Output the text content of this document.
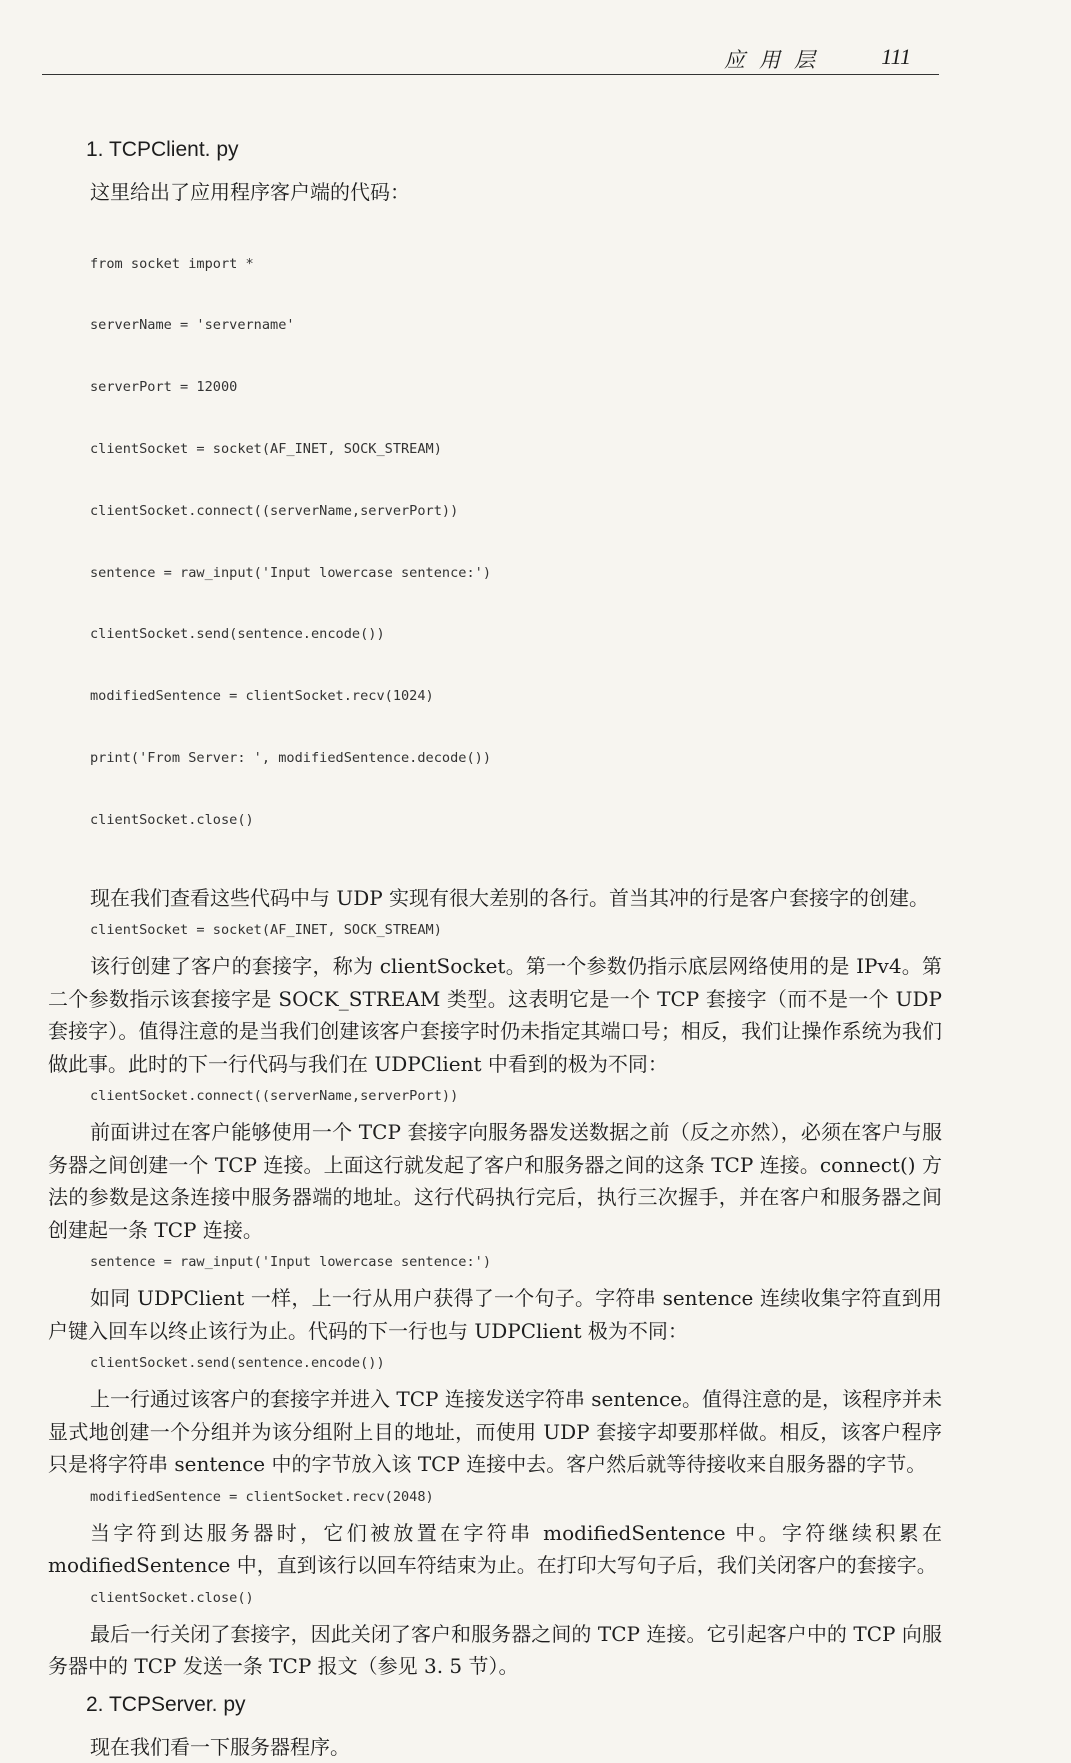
应用层 111
1. TCPClient. py

这里给出了应用程序客户端的代码：

from socket import *

serverName = 'servername'

serverPort = 12000

clientSocket = socket(AF_INET, SOCK_STREAM)

clientSocket.connect((serverName,serverPort))

sentence = raw_input('Input lowercase sentence:')

clientSocket.send(sentence.encode())

modifiedSentence = clientSocket.recv(1024)

print('From Server: ', modifiedSentence.decode())

clientSocket.close()

现在我们查看这些代码中与 UDP 实现有很大差别的各行。首当其冲的行是客户套接字的创建。

clientSocket = socket(AF_INET, SOCK_STREAM)

该行创建了客户的套接字，称为 clientSocket。第一个参数仍指示底层网络使用的是 IPv4。第二个参数指示该套接字是 SOCK_STREAM 类型。这表明它是一个 TCP 套接字（而不是一个 UDP 套接字）。值得注意的是当我们创建该客户套接字时仍未指定其端口号；相反，我们让操作系统为我们做此事。此时的下一行代码与我们在 UDPClient 中看到的极为不同：

clientSocket.connect((serverName,serverPort))

前面讲过在客户能够使用一个 TCP 套接字向服务器发送数据之前（反之亦然），必须在客户与服务器之间创建一个 TCP 连接。上面这行就发起了客户和服务器之间的这条 TCP 连接。connect() 方法的参数是这条连接中服务器端的地址。这行代码执行完后，执行三次握手，并在客户和服务器之间创建起一条 TCP 连接。

sentence = raw_input('Input lowercase sentence:')

如同 UDPClient 一样，上一行从用户获得了一个句子。字符串 sentence 连续收集字符直到用户键入回车以终止该行为止。代码的下一行也与 UDPClient 极为不同：

clientSocket.send(sentence.encode())

上一行通过该客户的套接字并进入 TCP 连接发送字符串 sentence。值得注意的是，该程序并未显式地创建一个分组并为该分组附上目的地址，而使用 UDP 套接字却要那样做。相反，该客户程序只是将字符串 sentence 中的字节放入该 TCP 连接中去。客户然后就等待接收来自服务器的字节。

modifiedSentence = clientSocket.recv(2048)

当字符到达服务器时，它们被放置在字符串 modifiedSentence 中。字符继续积累在 modifiedSentence 中，直到该行以回车符结束为止。在打印大写句子后，我们关闭客户的套接字。

clientSocket.close()

最后一行关闭了套接字，因此关闭了客户和服务器之间的 TCP 连接。它引起客户中的 TCP 向服务器中的 TCP 发送一条 TCP 报文（参见 3. 5 节）。

2. TCPServer. py

现在我们看一下服务器程序。
